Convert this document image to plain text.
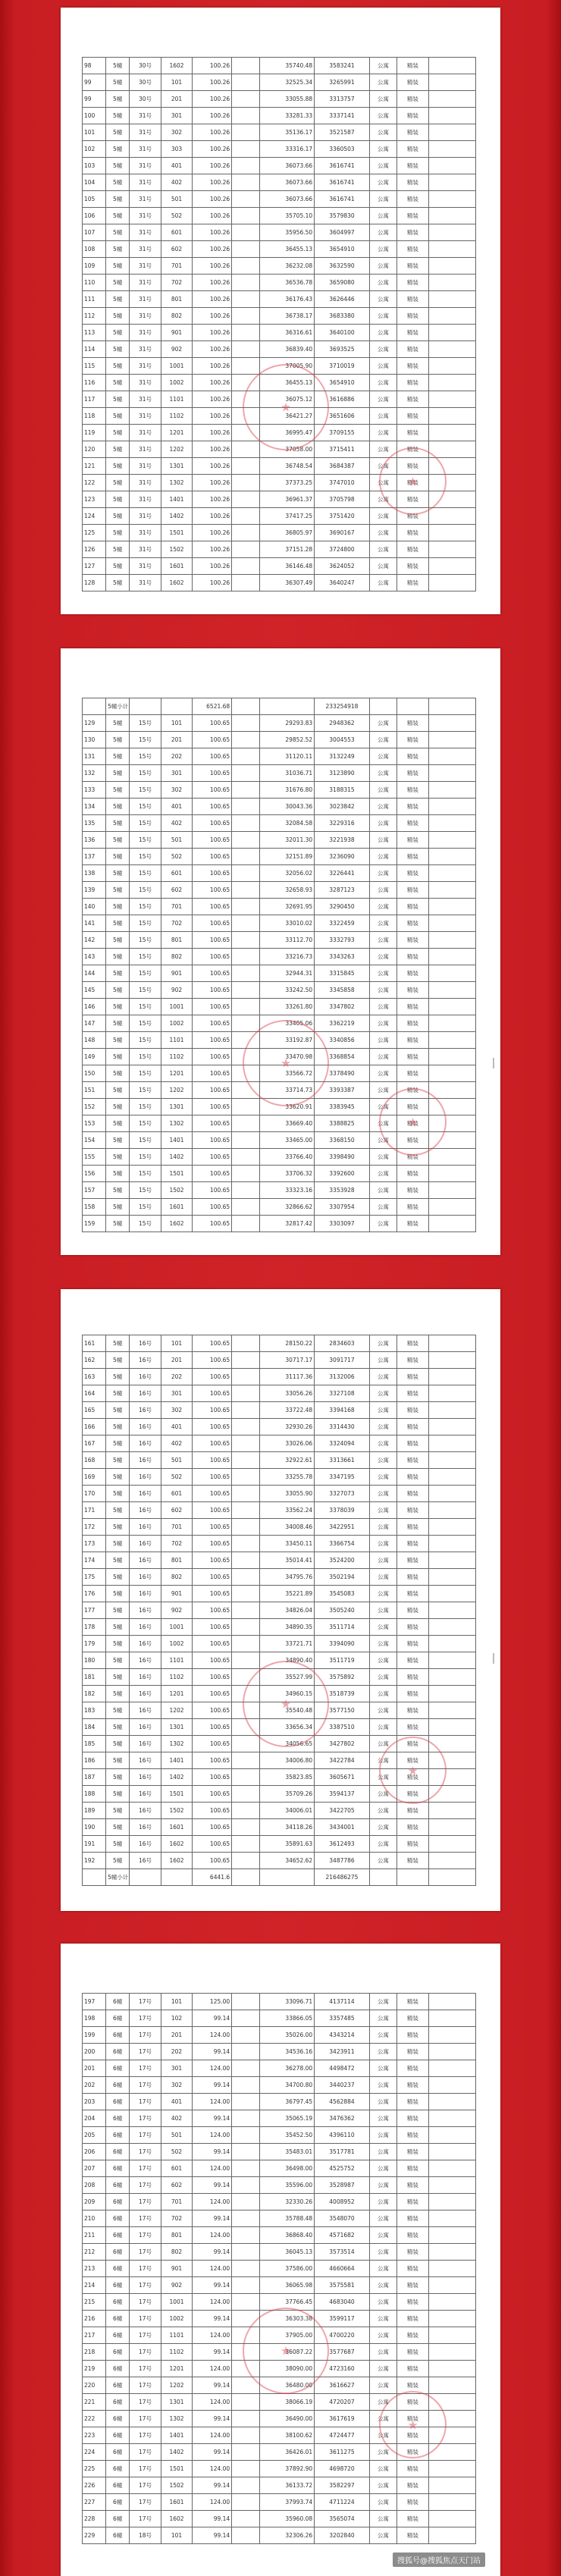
98	5幢	30号	1602	100.26		35740.48	3583241	公寓	精装	
99	5幢	30号	101	100.26		32525.34	3265991	公寓	精装	
99	5幢	30号	201	100.26		33055.88	3313757	公寓	精装	
100	5幢	31号	301	100.26		33281.33	3337141	公寓	精装	
101	5幢	31号	302	100.26		35136.17	3521587	公寓	精装	
102	5幢	31号	303	100.26		33316.17	3360503	公寓	精装	
103	5幢	31号	401	100.26		36073.66	3616741	公寓	精装	
104	5幢	31号	402	100.26		36073.66	3616741	公寓	精装	
105	5幢	31号	501	100.26		36073.66	3616741	公寓	精装	
106	5幢	31号	502	100.26		35705.10	3579830	公寓	精装	
107	5幢	31号	601	100.26		35956.50	3604997	公寓	精装	
108	5幢	31号	602	100.26		36455.13	3654910	公寓	精装	
109	5幢	31号	701	100.26		36232.08	3632590	公寓	精装	
110	5幢	31号	702	100.26		36536.78	3659080	公寓	精装	
111	5幢	31号	801	100.26		36176.43	3626446	公寓	精装	
112	5幢	31号	802	100.26		36738.17	3683380	公寓	精装	
113	5幢	31号	901	100.26		36316.61	3640100	公寓	精装	
114	5幢	31号	902	100.26		36839.40	3693525	公寓	精装	
115	5幢	31号	1001	100.26		37005.90	3710019	公寓	精装	
116	5幢	31号	1002	100.26		36455.13	3654910	公寓	精装	
117	5幢	31号	1101	100.26		36075.12	3616886	公寓	精装	
118	5幢	31号	1102	100.26		36421.27	3651606	公寓	精装	
119	5幢	31号	1201	100.26		36995.47	3709155	公寓	精装	
120	5幢	31号	1202	100.26		37058.00	3715411	公寓	精装	
121	5幢	31号	1301	100.26		36748.54	3684387	公寓	精装	
122	5幢	31号	1302	100.26		37373.25	3747010	公寓	精装	
123	5幢	31号	1401	100.26		36961.37	3705798	公寓	精装	
124	5幢	31号	1402	100.26		37417.25	3751420	公寓	精装	
125	5幢	31号	1501	100.26		36805.97	3690167	公寓	精装	
126	5幢	31号	1502	100.26		37151.28	3724800	公寓	精装	
127	5幢	31号	1601	100.26		36146.48	3624052	公寓	精装	
128	5幢	31号	1602	100.26		36307.49	3640247	公寓	精装	
★
★
	5幢小计			6521.68			233254918			
129	5幢	15号	101	100.65		29293.83	2948362	公寓	精装	
130	5幢	15号	201	100.65		29852.52	3004553	公寓	精装	
131	5幢	15号	202	100.65		31120.11	3132249	公寓	精装	
132	5幢	15号	301	100.65		31036.71	3123890	公寓	精装	
133	5幢	15号	302	100.65		31676.80	3188315	公寓	精装	
134	5幢	15号	401	100.65		30043.36	3023842	公寓	精装	
135	5幢	15号	402	100.65		32084.58	3229316	公寓	精装	
136	5幢	15号	501	100.65		32011.30	3221938	公寓	精装	
137	5幢	15号	502	100.65		32151.89	3236090	公寓	精装	
138	5幢	15号	601	100.65		32056.02	3226441	公寓	精装	
139	5幢	15号	602	100.65		32658.93	3287123	公寓	精装	
140	5幢	15号	701	100.65		32691.95	3290450	公寓	精装	
141	5幢	15号	702	100.65		33010.02	3322459	公寓	精装	
142	5幢	15号	801	100.65		33112.70	3332793	公寓	精装	
143	5幢	15号	802	100.65		33216.73	3343263	公寓	精装	
144	5幢	15号	901	100.65		32944.31	3315845	公寓	精装	
145	5幢	15号	902	100.65		33242.50	3345858	公寓	精装	
146	5幢	15号	1001	100.65		33261.80	3347802	公寓	精装	
147	5幢	15号	1002	100.65		33405.06	3362219	公寓	精装	
148	5幢	15号	1101	100.65		33192.87	3340856	公寓	精装	
149	5幢	15号	1102	100.65		33470.98	3368854	公寓	精装	
150	5幢	15号	1201	100.65		33566.72	3378490	公寓	精装	
151	5幢	15号	1202	100.65		33714.73	3393387	公寓	精装	
152	5幢	15号	1301	100.65		33620.91	3383945	公寓	精装	
153	5幢	15号	1302	100.65		33669.40	3388825	公寓	精装	
154	5幢	15号	1401	100.65		33465.00	3368150	公寓	精装	
155	5幢	15号	1402	100.65		33766.40	3398490	公寓	精装	
156	5幢	15号	1501	100.65		33706.32	3392600	公寓	精装	
157	5幢	15号	1502	100.65		33323.16	3353928	公寓	精装	
158	5幢	15号	1601	100.65		32866.62	3307954	公寓	精装	
159	5幢	15号	1602	100.65		32817.42	3303097	公寓	精装	
★
★
161	5幢	16号	101	100.65		28150.22	2834603	公寓	精装	
162	5幢	16号	201	100.65		30717.17	3091717	公寓	精装	
163	5幢	16号	202	100.65		31117.36	3132006	公寓	精装	
164	5幢	16号	301	100.65		33056.26	3327108	公寓	精装	
165	5幢	16号	302	100.65		33722.48	3394168	公寓	精装	
166	5幢	16号	401	100.65		32930.26	3314430	公寓	精装	
167	5幢	16号	402	100.65		33026.06	3324094	公寓	精装	
168	5幢	16号	501	100.65		32922.61	3313661	公寓	精装	
169	5幢	16号	502	100.65		33255.78	3347195	公寓	精装	
170	5幢	16号	601	100.65		33055.90	3327073	公寓	精装	
171	5幢	16号	602	100.65		33562.24	3378039	公寓	精装	
172	5幢	16号	701	100.65		34008.46	3422951	公寓	精装	
173	5幢	16号	702	100.65		33450.11	3366754	公寓	精装	
174	5幢	16号	801	100.65		35014.41	3524200	公寓	精装	
175	5幢	16号	802	100.65		34795.76	3502194	公寓	精装	
176	5幢	16号	901	100.65		35221.89	3545083	公寓	精装	
177	5幢	16号	902	100.65		34826.04	3505240	公寓	精装	
178	5幢	16号	1001	100.65		34890.35	3511714	公寓	精装	
179	5幢	16号	1002	100.65		33721.71	3394090	公寓	精装	
180	5幢	16号	1101	100.65		34890.40	3511719	公寓	精装	
181	5幢	16号	1102	100.65		35527.99	3575892	公寓	精装	
182	5幢	16号	1201	100.65		34960.15	3518739	公寓	精装	
183	5幢	16号	1202	100.65		35540.48	3577150	公寓	精装	
184	5幢	16号	1301	100.65		33656.34	3387510	公寓	精装	
185	5幢	16号	1302	100.65		34056.65	3427802	公寓	精装	
186	5幢	16号	1401	100.65		34006.80	3422784	公寓	精装	
187	5幢	16号	1402	100.65		35823.85	3605671	公寓	精装	
188	5幢	16号	1501	100.65		35709.26	3594137	公寓	精装	
189	5幢	16号	1502	100.65		34006.01	3422705	公寓	精装	
190	5幢	16号	1601	100.65		34118.26	3434001	公寓	精装	
191	5幢	16号	1602	100.65		35891.63	3612493	公寓	精装	
192	5幢	16号	1602	100.65		34652.62	3487786	公寓	精装	
	5幢小计			6441.6			216486275			
★
★
197	6幢	17号	101	125.00		33096.71	4137114	公寓	精装	
198	6幢	17号	102	99.14		33866.05	3357485	公寓	精装	
199	6幢	17号	201	124.00		35026.00	4343214	公寓	精装	
200	6幢	17号	202	99.14		34536.16	3423911	公寓	精装	
201	6幢	17号	301	124.00		36278.00	4498472	公寓	精装	
202	6幢	17号	302	99.14		34700.80	3440237	公寓	精装	
203	6幢	17号	401	124.00		36797.45	4562884	公寓	精装	
204	6幢	17号	402	99.14		35065.19	3476362	公寓	精装	
205	6幢	17号	501	124.00		35452.50	4396110	公寓	精装	
206	6幢	17号	502	99.14		35483.01	3517781	公寓	精装	
207	6幢	17号	601	124.00		36498.00	4525752	公寓	精装	
208	6幢	17号	602	99.14		35596.00	3528987	公寓	精装	
209	6幢	17号	701	124.00		32330.26	4008952	公寓	精装	
210	6幢	17号	702	99.14		35788.48	3548070	公寓	精装	
211	6幢	17号	801	124.00		36868.40	4571682	公寓	精装	
212	6幢	17号	802	99.14		36045.13	3573514	公寓	精装	
213	6幢	17号	901	124.00		37586.00	4660664	公寓	精装	
214	6幢	17号	902	99.14		36065.98	3575581	公寓	精装	
215	6幢	17号	1001	124.00		37766.45	4683040	公寓	精装	
216	6幢	17号	1002	99.14		36303.38	3599117	公寓	精装	
217	6幢	17号	1101	124.00		37905.00	4700220	公寓	精装	
218	6幢	17号	1102	99.14		36087.22	3577687	公寓	精装	
219	6幢	17号	1201	124.00		38090.00	4723160	公寓	精装	
220	6幢	17号	1202	99.14		36480.00	3616627	公寓	精装	
221	6幢	17号	1301	124.00		38066.19	4720207	公寓	精装	
222	6幢	17号	1302	99.14		36490.00	3617619	公寓	精装	
223	6幢	17号	1401	124.00		38100.62	4724477	公寓	精装	
224	6幢	17号	1402	99.14		36426.01	3611275	公寓	精装	
225	6幢	17号	1501	124.00		37892.90	4698720	公寓	精装	
226	6幢	17号	1502	99.14		36133.72	3582297	公寓	精装	
227	6幢	17号	1601	124.00		37993.74	4711224	公寓	精装	
228	6幢	17号	1602	99.14		35960.08	3565074	公寓	精装	
229	6幢	18号	101	99.14		32306.26	3202840	公寓	精装	
★
★
搜狐号@搜狐焦点天门站
